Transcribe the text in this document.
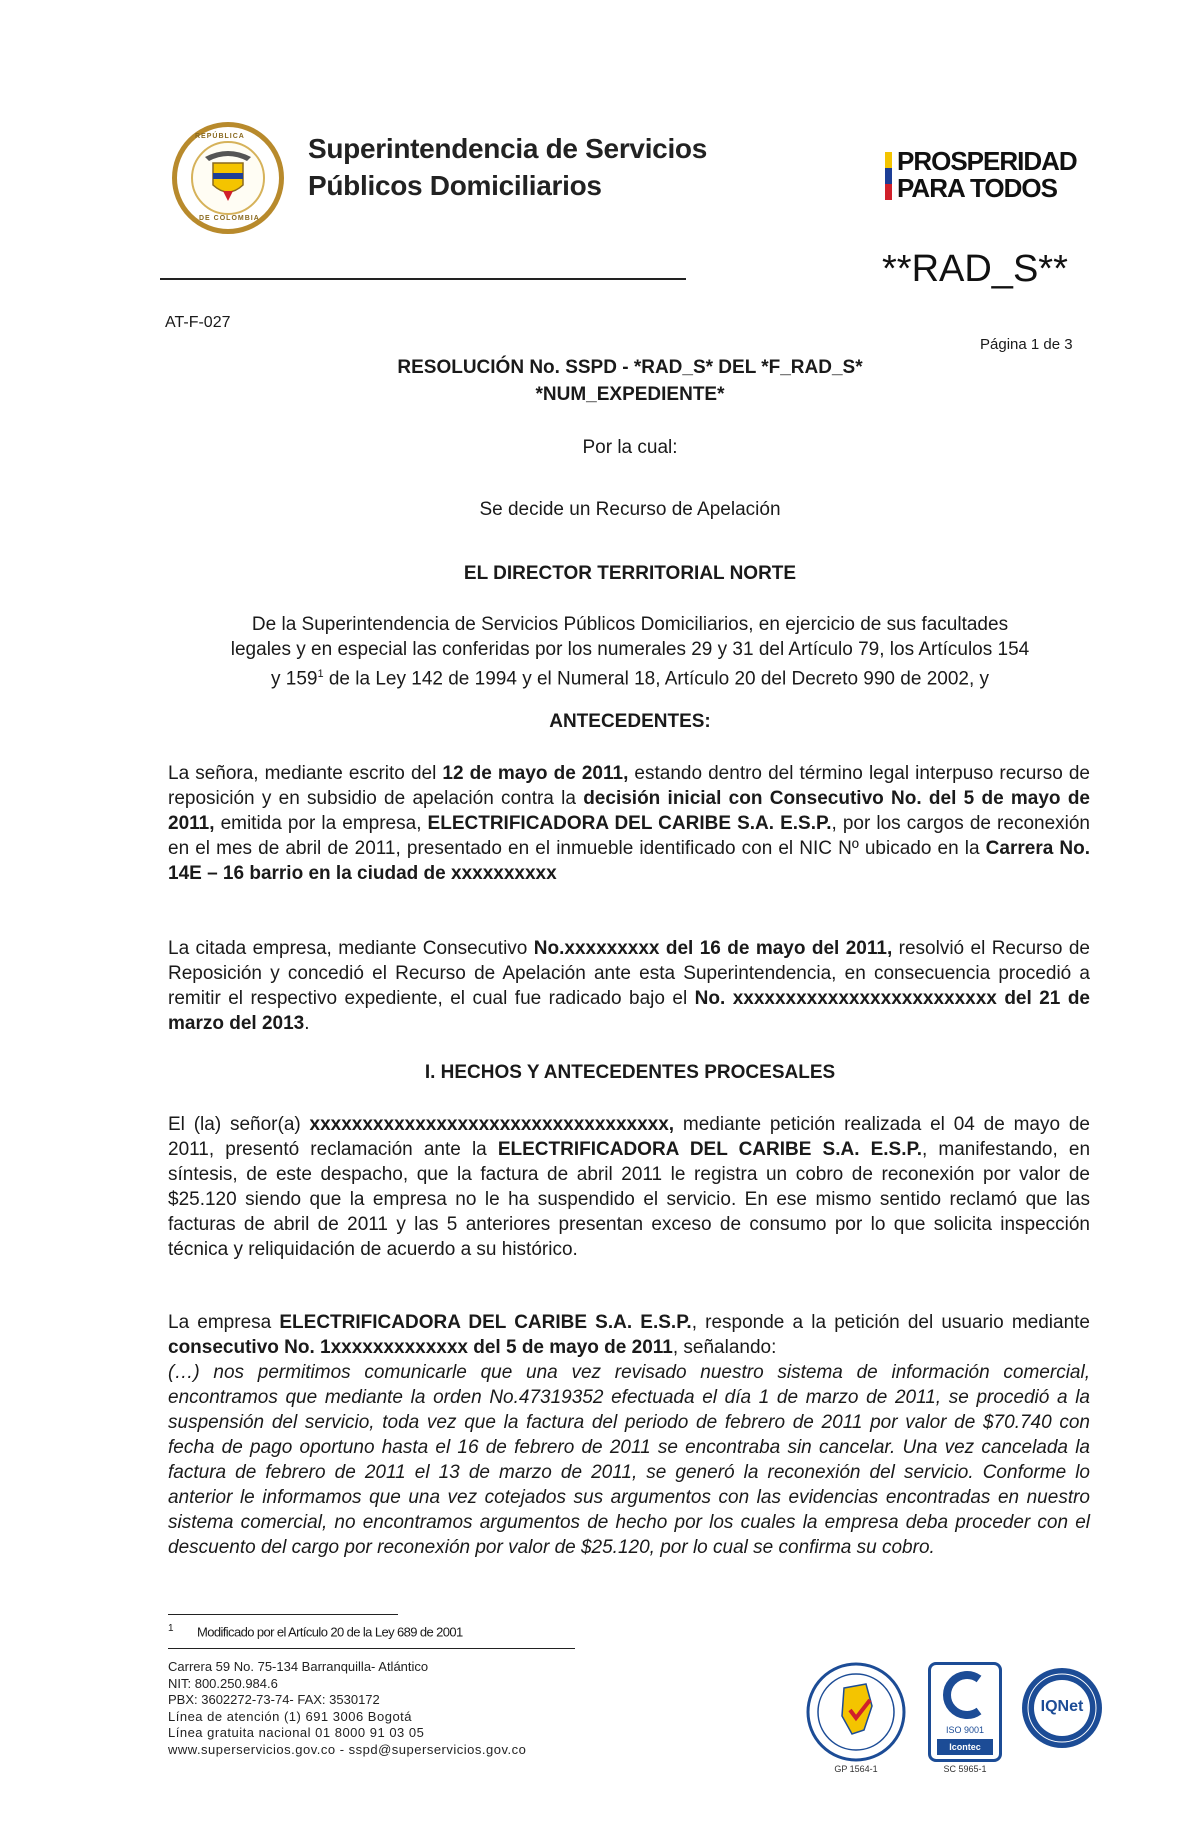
REPÚBLICA
DE COLOMBIA
Superintendencia de Servicios
Públicos Domiciliarios
PROSPERIDAD
PARA TODOS
**RAD_S**
AT-F-027
Página 1 de 3
RESOLUCIÓN No. SSPD - *RAD_S* DEL *F_RAD_S*
*NUM_EXPEDIENTE*
Por la cual:
Se decide un Recurso de Apelación
EL DIRECTOR TERRITORIAL NORTE
De la Superintendencia de Servicios Públicos Domiciliarios, en ejercicio de sus facultades
legales y en especial las conferidas por los numerales 29 y 31 del Artículo 79, los Artículos 154
y $159^1$ de la Ley 142 de 1994 y el Numeral 18, Artículo 20 del Decreto 990 de 2002, y
ANTECEDENTES:
La señora, mediante escrito del 12 de mayo de 2011, estando dentro del término legal interpuso recurso de reposición y en subsidio de apelación contra la decisión inicial con Consecutivo No. del 5 de mayo de 2011, emitida por la empresa, ELECTRIFICADORA DEL CARIBE S.A. E.S.P., por los cargos de reconexión en el mes de abril de 2011, presentado en el inmueble identificado con el NIC Nº ubicado en la Carrera No. 14E – 16 barrio en la ciudad de xxxxxxxxxx
La citada empresa, mediante Consecutivo No.xxxxxxxxx del 16 de mayo del 2011, resolvió el Recurso de Reposición y concedió el Recurso de Apelación ante esta Superintendencia, en consecuencia procedió a remitir el respectivo expediente, el cual fue radicado bajo el No. xxxxxxxxxxxxxxxxxxxxxxxxx del 21 de marzo del 2013.
I. HECHOS Y ANTECEDENTES PROCESALES
El (la) señor(a) xxxxxxxxxxxxxxxxxxxxxxxxxxxxxxxxxx, mediante petición realizada el 04 de mayo de 2011, presentó reclamación ante la ELECTRIFICADORA DEL CARIBE S.A. E.S.P., manifestando, en síntesis, de este despacho, que la factura de abril 2011 le registra un cobro de reconexión por valor de $25.120 siendo que la empresa no le ha suspendido el servicio. En ese mismo sentido reclamó que las facturas de abril de 2011 y las 5 anteriores presentan exceso de consumo por lo que solicita inspección técnica y reliquidación de acuerdo a su histórico.
La empresa ELECTRIFICADORA DEL CARIBE S.A. E.S.P., responde a la petición del usuario mediante consecutivo No. 1xxxxxxxxxxxxx del 5 de mayo de 2011, señalando:
(…) nos permitimos comunicarle que una vez revisado nuestro sistema de información comercial, encontramos que mediante la orden No.47319352 efectuada el día 1 de marzo de 2011, se procedió a la suspensión del servicio, toda vez que la factura del periodo de febrero de 2011 por valor de $70.740 con fecha de pago oportuno hasta el 16 de febrero de 2011 se encontraba sin cancelar. Una vez cancelada la factura de febrero de 2011 el 13 de marzo de 2011, se generó la reconexión del servicio. Conforme lo anterior le informamos que una vez cotejados sus argumentos con las evidencias encontradas en nuestro sistema comercial, no encontramos argumentos de hecho por los cuales la empresa deba proceder con el descuento del cargo por reconexión por valor de $25.120, por lo cual se confirma su cobro.
$^1$ Modificado por el Artículo 20 de la Ley 689 de 2001
Carrera 59 No. 75-134 Barranquilla- Atlántico
NIT: 800.250.984.6
PBX: 3602272-73-74- FAX: 3530172
Línea de atención (1) 691 3006 Bogotá
Línea gratuita nacional 01 8000 91 03 05
www.superservicios.gov.co - sspd@superservicios.gov.co
GP 1564-1
ISO 9001
Icontec
SC 5965-1
IQNet
